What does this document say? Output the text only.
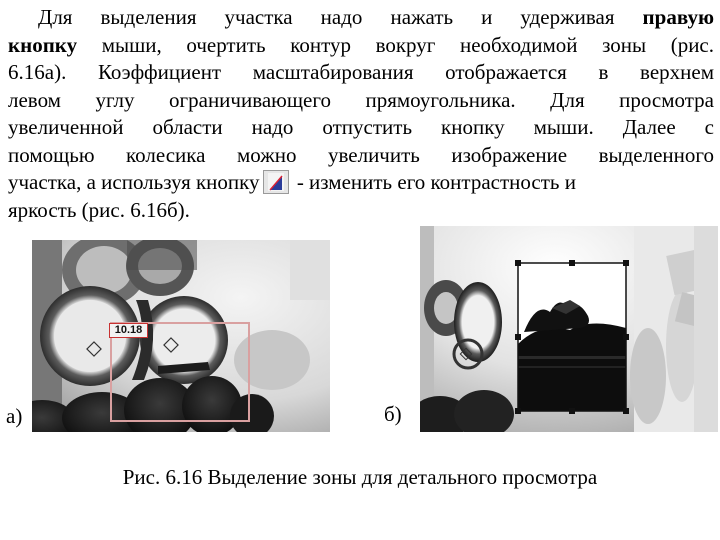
Для выделения участка надо нажать и удерживая правую
кнопку мыши, очертить контур вокруг необходимой зоны (рис.
6.16а). Коэффициент масштабирования отображается в верхнем
левом углу ограничивающего прямоугольника. Для просмотра
увеличенной области надо отпустить кнопку мыши. Далее с
помощью колесика можно увеличить изображение выделенного
участка, а используя кнопку
- изменить его контрастность и
яркость (рис. 6.16б).
10.18
а)	б)
Рис. 6.16 Выделение зоны для детального просмотра
